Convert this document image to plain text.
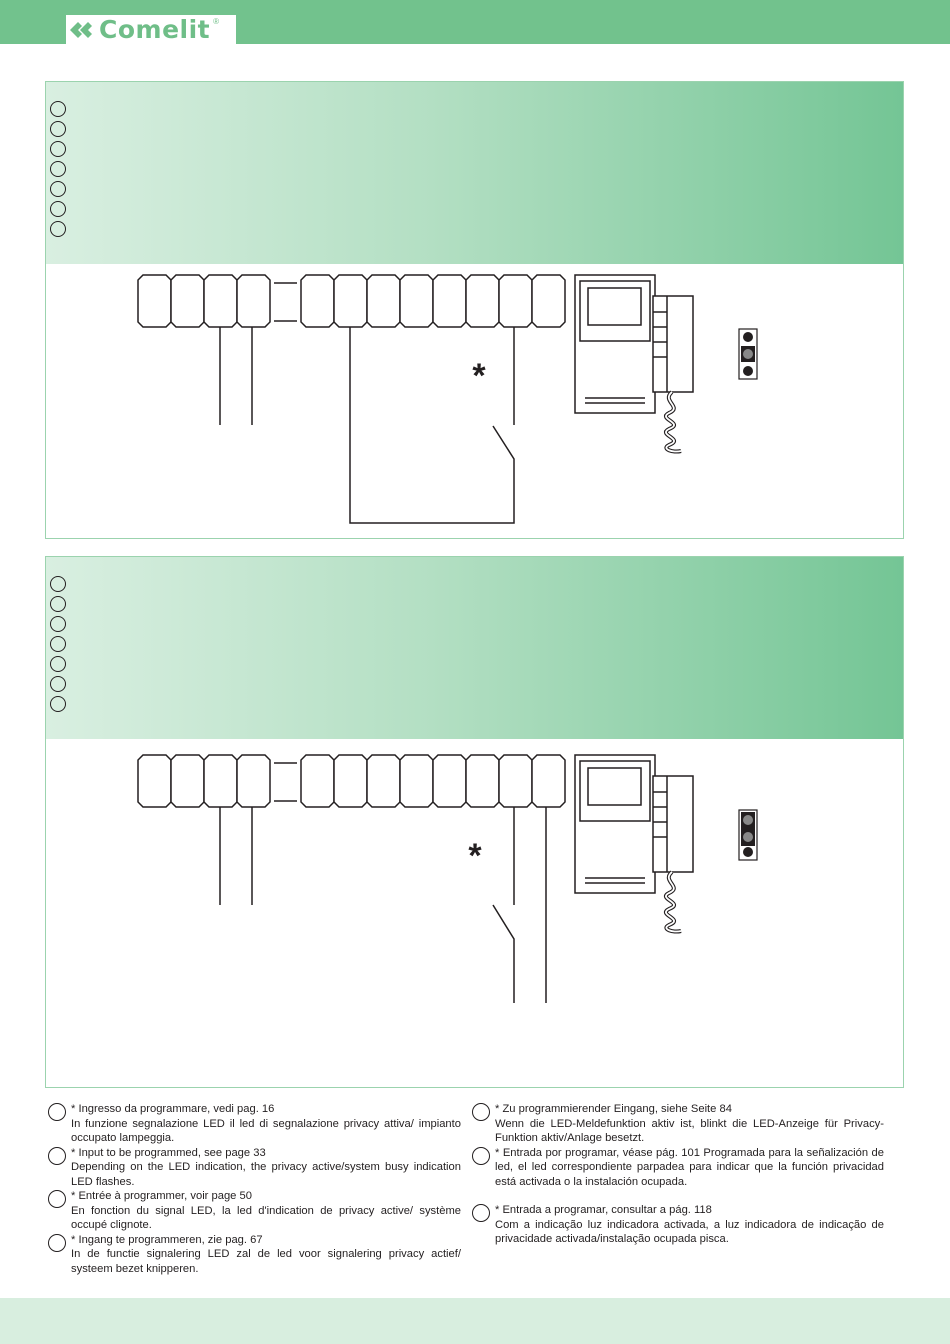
Comelit ®
*
*
* Ingresso da programmare, vedi pag. 16
In funzione segnalazione LED il led di segnalazione privacy attiva/ impianto occupato lampeggia.
* Input to be programmed, see page 33
Depending on the LED indication, the privacy active/system busy indication LED flashes.
* Entrée à programmer, voir page 50
En fonction du signal LED, la led d'indication de privacy active/ système occupé clignote.
* Ingang te programmeren, zie pag. 67
In de functie signalering LED zal de led voor signalering privacy actief/ systeem bezet knipperen.
* Zu programmierender Eingang, siehe Seite 84
Wenn die LED-Meldefunktion aktiv ist, blinkt die LED-Anzeige für Privacy-Funktion aktiv/Anlage besetzt.
* Entrada por programar, véase pág. 101 Programada para la señalización de led, el led correspondiente parpadea para indicar que la función privacidad está activada o la instalación ocupada.
* Entrada a programar, consultar a pág. 118
Com a indicação luz indicadora activada, a luz indicadora de indicação de privacidade activada/instalação ocupada pisca.
